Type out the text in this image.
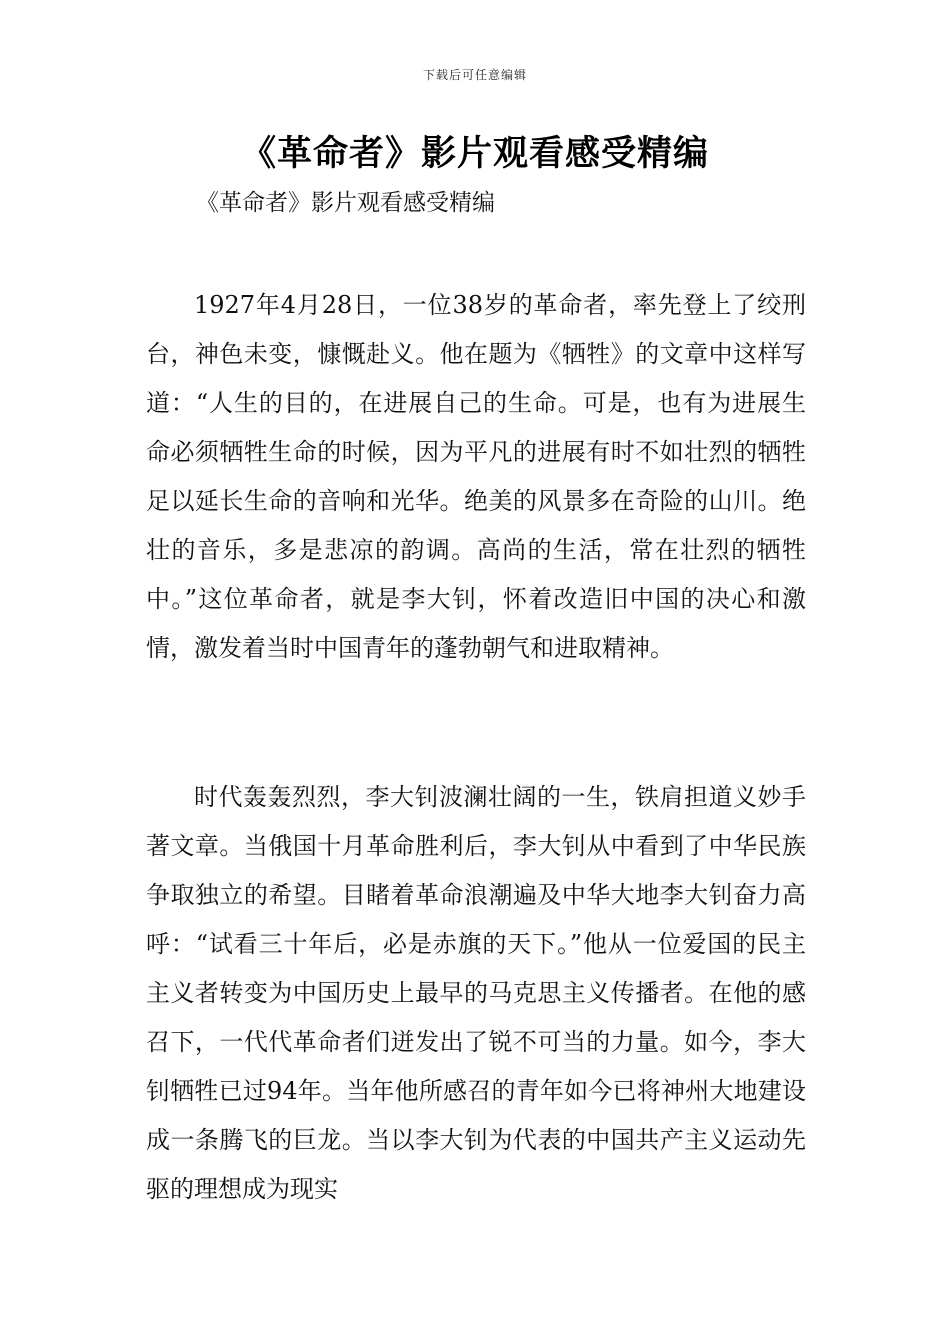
下载后可任意编辑
《革命者》影片观看感受精编

《革命者》影片观看感受精编

1927年4月28日，一位38岁的革命者，率先登上了绞刑台，神色未变，慷慨赴义。他在题为《牺牲》的文章中这样写道：“人生的目的，在进展自己的生命。可是，也有为进展生命必须牺牲生命的时候，因为平凡的进展有时不如壮烈的牺牲足以延长生命的音响和光华。绝美的风景多在奇险的山川。绝壮的音乐，多是悲凉的韵调。高尚的生活，常在壮烈的牺牲中。”这位革命者，就是李大钊，怀着改造旧中国的决心和激情，激发着当时中国青年的蓬勃朝气和进取精神。

时代轰轰烈烈，李大钊波澜壮阔的一生，铁肩担道义妙手著文章。当俄国十月革命胜利后，李大钊从中看到了中华民族争取独立的希望。目睹着革命浪潮遍及中华大地李大钊奋力高呼：“试看三十年后，必是赤旗的天下。”他从一位爱国的民主主义者转变为中国历史上最早的马克思主义传播者。在他的感召下，一代代革命者们迸发出了锐不可当的力量。如今，李大钊牺牲已过94年。当年他所感召的青年如今已将神州大地建设成一条腾飞的巨龙。当以李大钊为代表的中国共产主义运动先驱的理想成为现实
